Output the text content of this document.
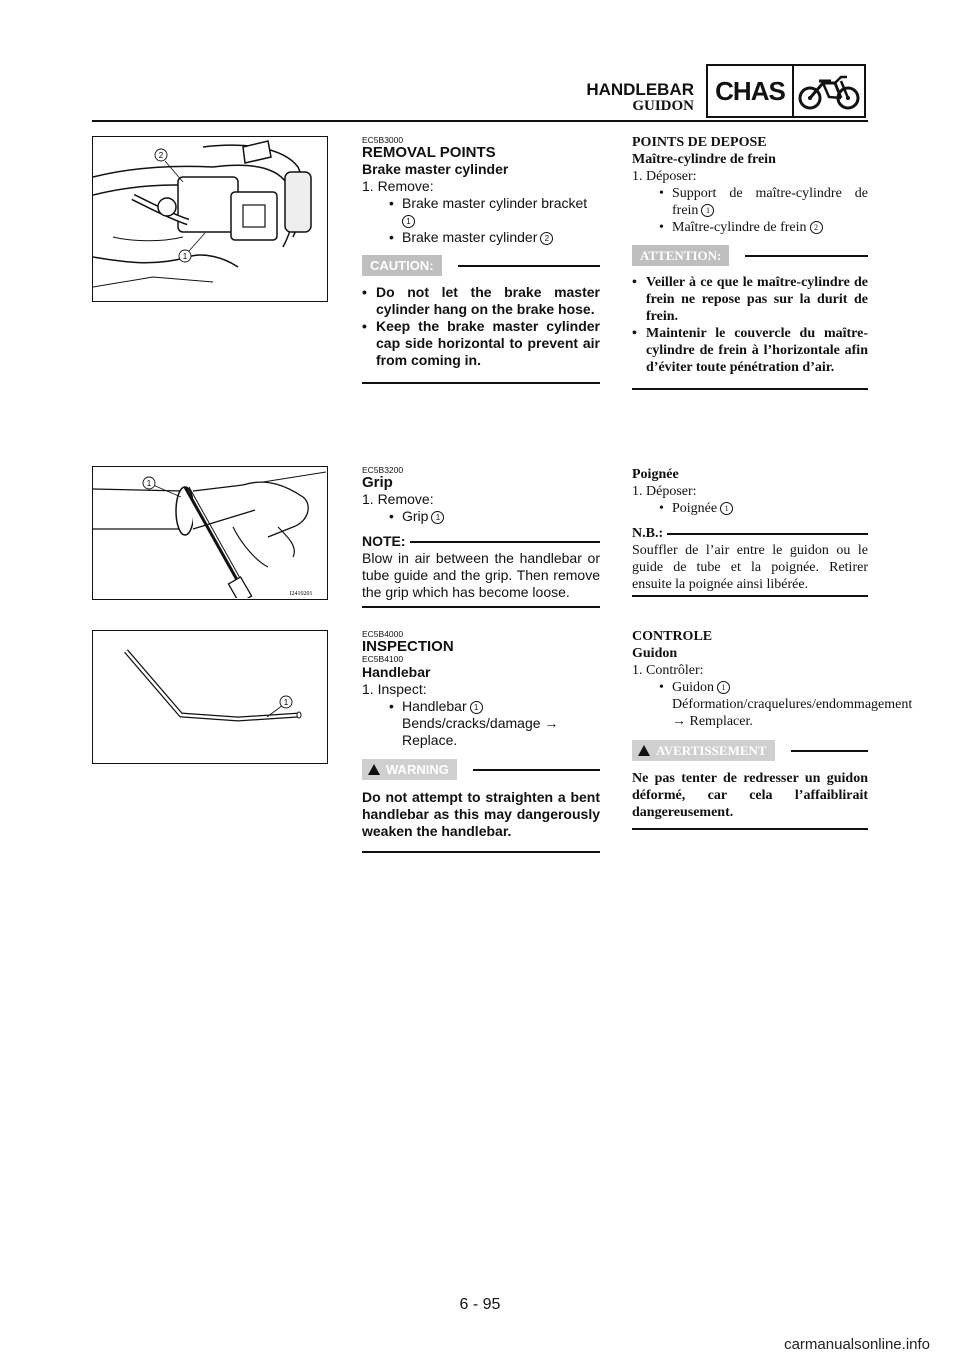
HANDLEBAR
GUIDON
CHAS
2
1
1
I2410201
1
EC5B3000
REMOVAL POINTS
Brake master cylinder
1. Remove:
• Brake master cylinder bracket
1
• Brake master cylinder 2
CAUTION:
• Do not let the brake master cylinder hang on the brake hose.
• Keep the brake master cylinder cap side horizontal to prevent air from coming in.
POINTS DE DEPOSE
Maître-cylindre de frein
1. Déposer:
• Support de maître-cylindre de frein 1
• Maître-cylindre de frein 2
ATTENTION:
• Veiller à ce que le maître-cylindre de frein ne repose pas sur la durit de frein.
• Maintenir le couvercle du maître-cylindre de frein à l’horizontale afin d’éviter toute pénétration d’air.
EC5B3200
Grip
1. Remove:
• Grip 1
NOTE:
Blow in air between the handlebar or tube guide and the grip. Then remove the grip which has become loose.
Poignée
1. Déposer:
• Poignée 1
N.B.:
Souffler de l’air entre le guidon ou le guide de tube et la poignée. Retirer ensuite la poignée ainsi libérée.
EC5B4000
INSPECTION
EC5B4100
Handlebar
1. Inspect:
• Handlebar 1
Bends/cracks/damage →
Replace.
WARNING
Do not attempt to straighten a bent handlebar as this may dangerously weaken the handlebar.
CONTROLE
Guidon
1. Contrôler:
• Guidon 1
Déformation/craquelures/endommagement → Remplacer.
AVERTISSEMENT
Ne pas tenter de redresser un guidon déformé, car cela l’affaiblirait dangereusement.
6 - 95
carmanualsonline.info
